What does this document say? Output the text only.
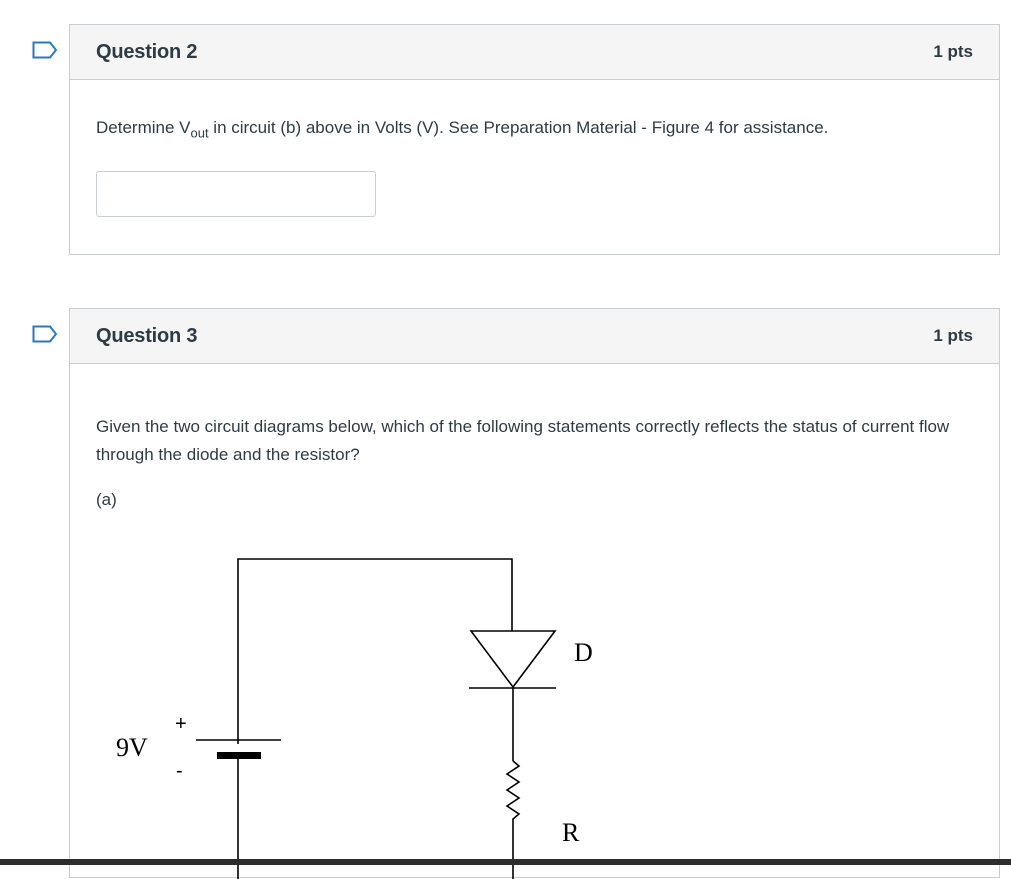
Question 2	1 pts
Determine $V_{out}$ in circuit (b) above in Volts (V). See Preparation Material - Figure 4 for assistance.
Question 3	1 pts
Given the two circuit diagrams below, which of the following statements correctly reflects the status of current flow through the diode and the resistor?
(a)
D
R
9V
+
-
